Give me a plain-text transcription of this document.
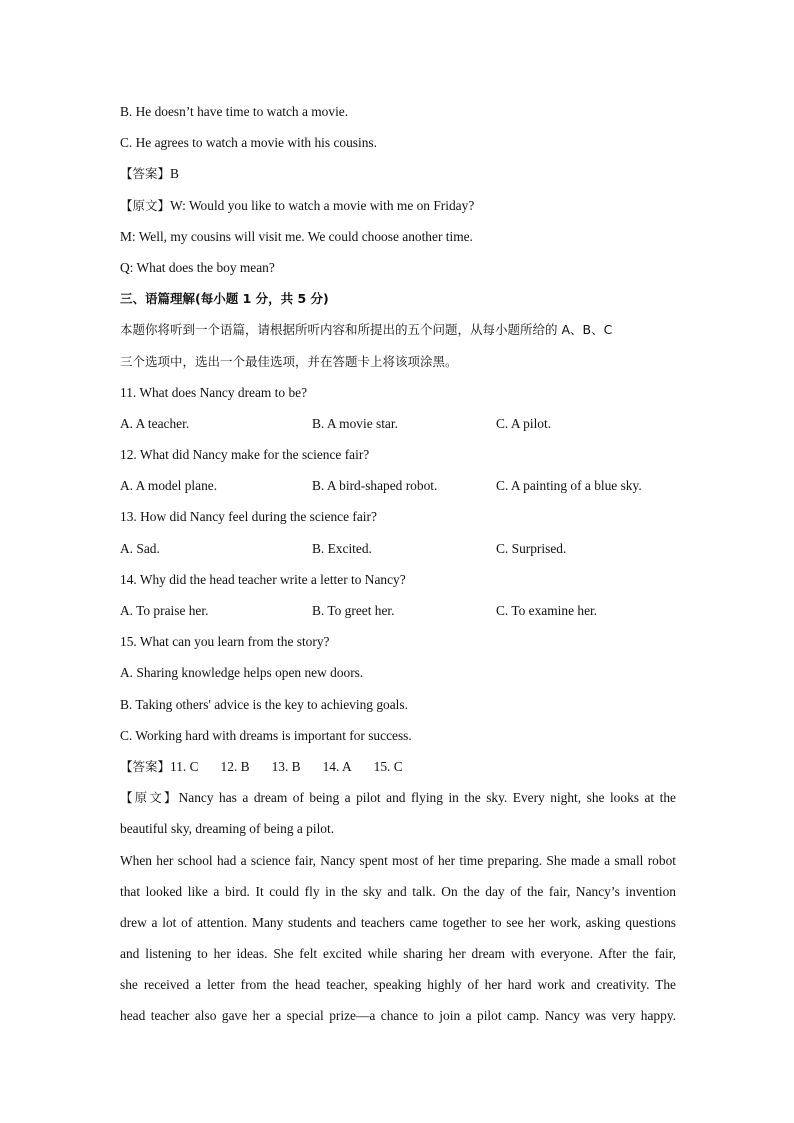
B. He doesn’t have time to watch a movie.
C. He agrees to watch a movie with his cousins.
【答案】B
【原文】W: Would you like to watch a movie with me on Friday?
M: Well, my cousins will visit me. We could choose another time.
Q: What does the boy mean?
三、语篇理解(每小题 1 分，共 5 分)
本题你将听到一个语篇，请根据所听内容和所提出的五个问题，从每小题所给的 A、B、C
三个选项中，选出一个最佳选项，并在答题卡上将该项涂黑。
11. What does Nancy dream to be?
A. A teacher.	B. A movie star.	C. A pilot.
12. What did Nancy make for the science fair?
A. A model plane.	B. A bird-shaped robot.	C. A painting of a blue sky.
13. How did Nancy feel during the science fair?
A. Sad.	B. Excited.	C. Surprised.
14. Why did the head teacher write a letter to Nancy?
A. To praise her.	B. To greet her.	C. To examine her.
15. What can you learn from the story?
A. Sharing knowledge helps open new doors.
B. Taking others' advice is the key to achieving goals.
C. Working hard with dreams is important for success.
【答案】11. C 12. B 13. B 14. A 15. C
【原文】Nancy has a dream of being a pilot and flying in the sky. Every night, she looks at the
beautiful sky, dreaming of being a pilot.
When her school had a science fair, Nancy spent most of her time preparing. She made a small robot
that looked like a bird. It could fly in the sky and talk. On the day of the fair, Nancy’s invention
drew a lot of attention. Many students and teachers came together to see her work, asking questions
and listening to her ideas. She felt excited while sharing her dream with everyone. After the fair,
she received a letter from the head teacher, speaking highly of her hard work and creativity. The
head teacher also gave her a special prize—a chance to join a pilot camp. Nancy was very happy.
